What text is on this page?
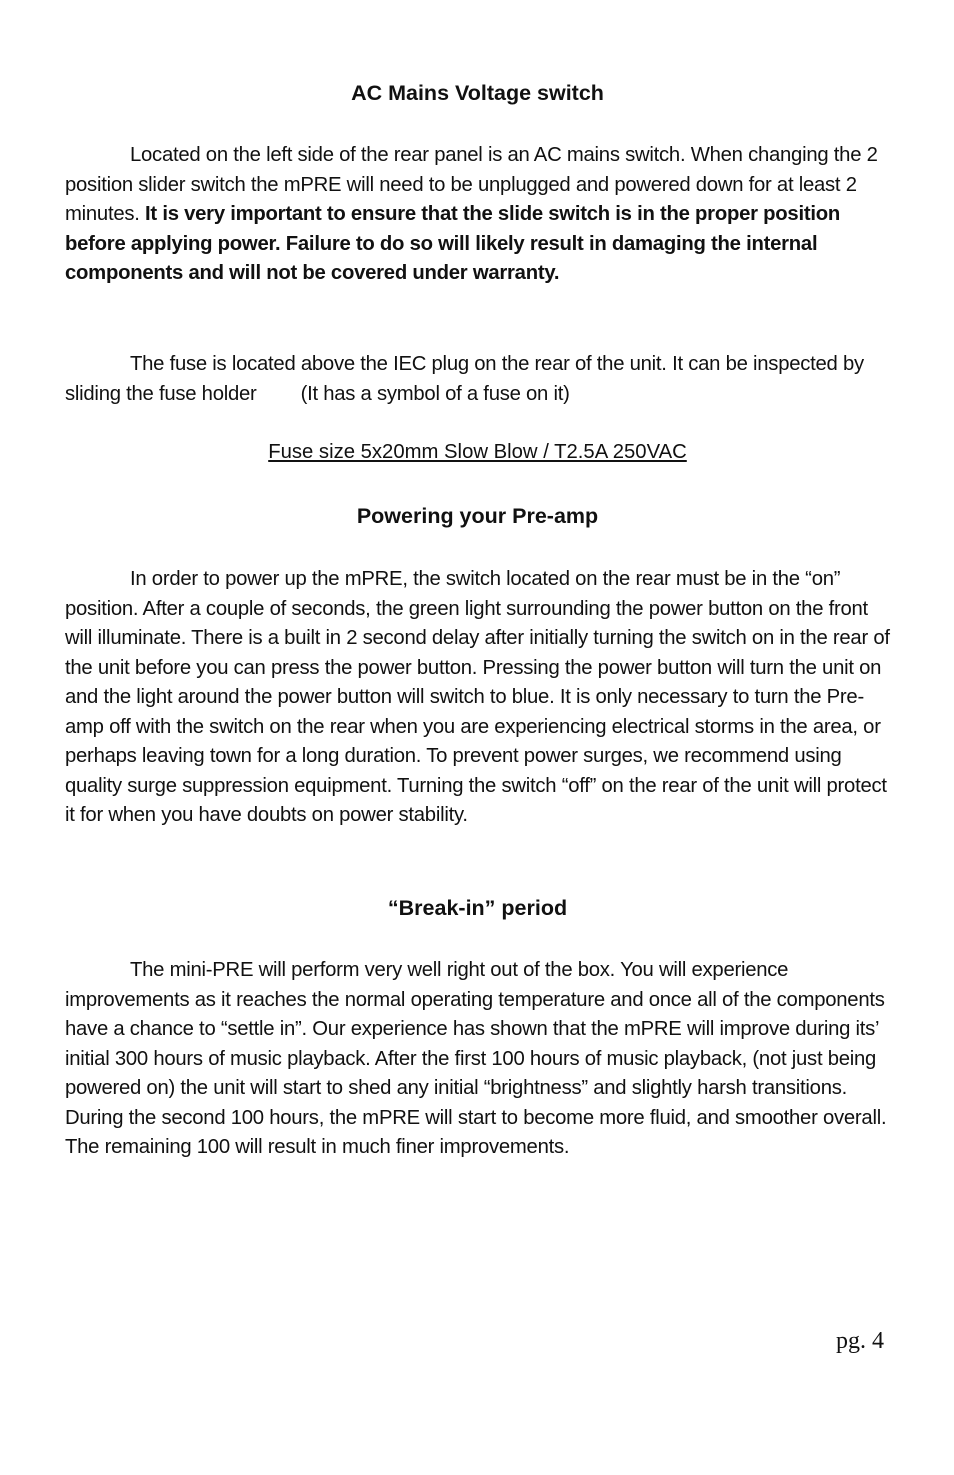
AC Mains Voltage switch

Located on the left side of the rear panel is an AC mains switch. When changing the 2 position slider switch the mPRE will need to be unplugged and powered down for at least 2 minutes. It is very important to ensure that the slide switch is in the proper position before applying power. Failure to do so will likely result in damaging the internal components and will not be covered under warranty.

The fuse is located above the IEC plug on the rear of the unit. It can be inspected by sliding the fuse holder (It has a symbol of a fuse on it)

Fuse size 5x20mm Slow Blow / T2.5A 250VAC

Powering your Pre-amp

In order to power up the mPRE, the switch located on the rear must be in the “on” position. After a couple of seconds, the green light surrounding the power button on the front will illuminate. There is a built in 2 second delay after initially turning the switch on in the rear of the unit before you can press the power button. Pressing the power button will turn the unit on and the light around the power button will switch to blue. It is only necessary to turn the Pre-amp off with the switch on the rear when you are experiencing electrical storms in the area, or perhaps leaving town for a long duration. To prevent power surges, we recommend using quality surge suppression equipment. Turning the switch “off” on the rear of the unit will protect it for when you have doubts on power stability.

“Break-in” period

The mini-PRE will perform very well right out of the box. You will experience improvements as it reaches the normal operating temperature and once all of the components have a chance to “settle in”. Our experience has shown that the mPRE will improve during its’ initial 300 hours of music playback. After the first 100 hours of music playback, (not just being powered on) the unit will start to shed any initial “brightness” and slightly harsh transitions. During the second 100 hours, the mPRE will start to become more fluid, and smoother overall. The remaining 100 will result in much finer improvements.

pg. 4
